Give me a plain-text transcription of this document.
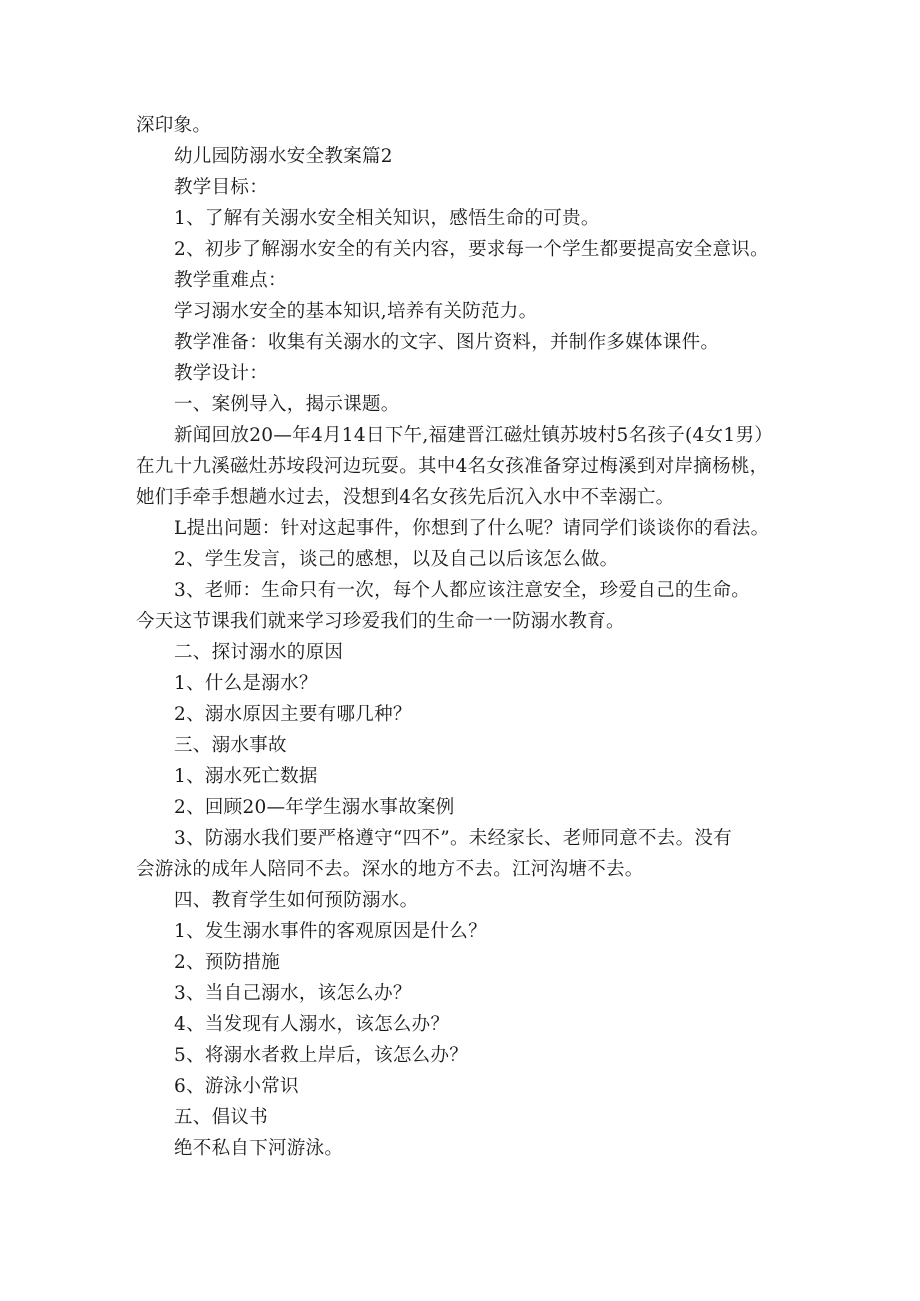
深印象。

幼儿园防溺水安全教案篇2

教学目标：

1、了解有关溺水安全相关知识，感悟生命的可贵。

2、初步了解溺水安全的有关内容，要求每一个学生都要提高安全意识。

教学重难点：

学习溺水安全的基本知识,培养有关防范力。

教学准备：收集有关溺水的文字、图片资料，并制作多媒体课件。

教学设计：

一、案例导入，揭示课题。

新闻回放20—年4月14日下午,福建晋江磁灶镇苏坡村5名孩子(4女1男）

在九十九溪磁灶苏垵段河边玩耍。其中4名女孩准备穿过梅溪到对岸摘杨桃，

她们手牵手想趟水过去，没想到4名女孩先后沉入水中不幸溺亡。

L提出问题：针对这起事件，你想到了什么呢？请同学们谈谈你的看法。

2、学生发言，谈己的感想，以及自己以后该怎么做。

3、老师：生命只有一次，每个人都应该注意安全，珍爱自己的生命。

今天这节课我们就来学习珍爱我们的生命一一防溺水教育。

二、探讨溺水的原因

1、什么是溺水？

2、溺水原因主要有哪几种？

三、溺水事故

1、溺水死亡数据

2、回顾20—年学生溺水事故案例

3、防溺水我们要严格遵守“四不”。未经家长、老师同意不去。没有

会游泳的成年人陪同不去。深水的地方不去。江河沟塘不去。

四、教育学生如何预防溺水。

1、发生溺水事件的客观原因是什么？

2、预防措施

3、当自己溺水，该怎么办？

4、当发现有人溺水，该怎么办？

5、将溺水者救上岸后，该怎么办？

6、游泳小常识

五、倡议书

绝不私自下河游泳。
